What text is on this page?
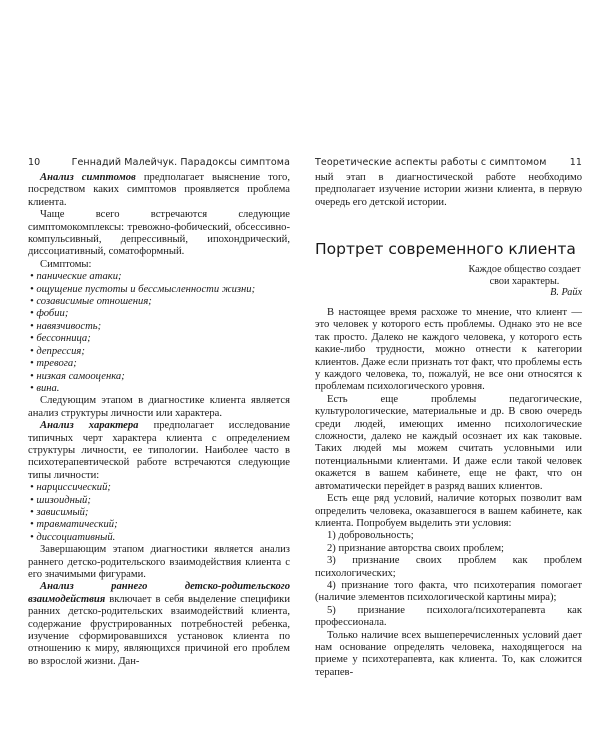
10	Геннадий Малейчук. Парадоксы симптома

Анализ симптомов предполагает выяснение того, посредством каких симптомов проявляется проблема клиента.

Чаще всего встречаются следующие симптомокомплексы: тревожно-фобический, обсессивно-компульсивный, депрессивный, ипохондрический, диссоциативный, соматоформный.

Симптомы:

• панические атаки;
• ощущение пустоты и бессмысленности жизни;
• созависимые отношения;
• фобии;
• навязчивость;
• бессонница;
• депрессия;
• тревога;
• низкая самооценка;
• вина.

Следующим этапом в диагностике клиента является анализ структуры личности или характера.

Анализ характера предполагает исследование типичных черт характера клиента с определением структуры личности, ее типологии. Наиболее часто в психотерапевтической работе встречаются следующие типы личности:

• нарциссический;
• шизоидный;
• зависимый;
• травматический;
• диссоциативный.

Завершающим этапом диагностики является анализ раннего детско-родительского взаимодействия клиента с его значимыми фигурами.

Анализ раннего детско-родительского взаимодействия включает в себя выделение специфики ранних детско-родительских взаимодействий клиента, содержание фрустрированных потребностей ребенка, изучение сформировавшихся установок клиента по отношению к миру, являющихся причиной его проблем во взрослой жизни. Дан-

Теоретические аспекты работы с симптомом 11

ный этап в диагностической работе необходимо предполагает изучение истории жизни клиента, в первую очередь его детской истории.

Портрет современного клиента
Каждое общество создает свои характеры.
В. Райх

В настоящее время расхоже то мнение, что клиент — это человек у которого есть проблемы. Однако это не все так просто. Далеко не каждого человека, у которого есть какие-либо трудности, можно отнести к категории клиентов. Даже если признать тот факт, что проблемы есть у каждого человека, то, пожалуй, не все они относятся к проблемам психологического уровня.

Есть еще проблемы педагогические, культурологические, материальные и др. В свою очередь среди людей, имеющих именно психологические сложности, далеко не каждый осознает их как таковые. Таких людей мы можем считать условными или потенциальными клиентами. И даже если такой человек окажется в вашем кабинете, еще не факт, что он автоматически перейдет в разряд ваших клиентов.

Есть еще ряд условий, наличие которых позволит вам определить человека, оказавшегося в вашем кабинете, как клиента. Попробуем выделить эти условия:

1) добровольность;

2) признание авторства своих проблем;

3) признание своих проблем как проблем психологических;

4) признание того факта, что психотерапия помогает (наличие элементов психологической картины мира);

5) признание психолога/психотерапевта как профессионала.

Только наличие всех вышеперечисленных условий дает нам основание определять человека, находящегося на приеме у психотерапевта, как клиента. То, как сложится терапев-
